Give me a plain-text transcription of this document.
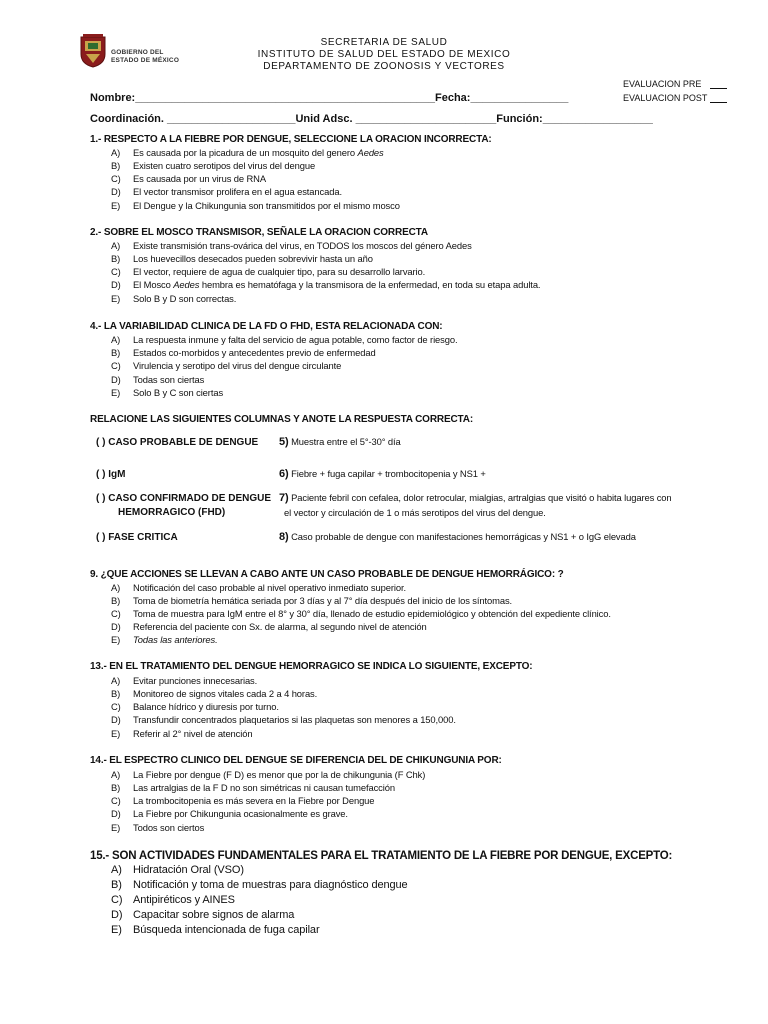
GOBIERNO DEL
ESTADO DE MÉXICO
SECRETARIA DE SALUD
INSTITUTO DE SALUD DEL ESTADO DE MEXICO
DEPARTAMENTO DE ZOONOSIS Y VECTORES
EVALUACION PRE
EVALUACION POST
Nombre:_________________________________________________Fecha:________________
Coordinación. _____________________Unid Adsc. _______________________Función:__________________
1.- RESPECTO A LA FIEBRE POR DENGUE, SELECCIONE LA ORACION INCORRECTA:
A) Es causada por la picadura de un mosquito del genero Aedes
B) Existen cuatro serotipos del virus del dengue
C) Es causada por un virus de RNA
D) El vector transmisor prolifera en el agua estancada.
E) El Dengue y la Chikungunia son transmitidos por el mismo mosco
2.- SOBRE EL MOSCO TRANSMISOR, SEÑALE LA ORACION CORRECTA
A) Existe transmisión trans-ovárica del virus, en TODOS los moscos del género Aedes
B) Los huevecillos desecados pueden sobrevivir hasta un año
C) El vector, requiere de agua de cualquier tipo, para su desarrollo larvario.
D) El Mosco Aedes hembra es hematófaga y la transmisora de la enfermedad, en toda su etapa adulta.
E) Solo B y D son correctas.
4.- LA VARIABILIDAD CLINICA DE LA FD O FHD, ESTA RELACIONADA CON:
A) La respuesta inmune y falta del servicio de agua potable, como factor de riesgo.
B) Estados co-morbidos y antecedentes previo de enfermedad
C) Virulencia y serotipo del virus del dengue circulante
D) Todas son ciertas
E) Solo B y C son ciertas
RELACIONE LAS SIGUIENTES COLUMNAS Y ANOTE LA RESPUESTA CORRECTA:
( ) CASO PROBABLE DE DENGUE 5) Muestra entre el 5°-30° día
( ) IgM	6) Fiebre + fuga capilar + trombocitopenia y NS1 +
( ) CASO CONFIRMADO DE DENGUE
HEMORRAGICO (FHD)
7) Paciente febril con cefalea, dolor retrocular, mialgias, artralgias que visitó o habita lugares con
el vector y circulación de 1 o más serotipos del virus del dengue.
( ) FASE CRITICA	8) Caso probable de dengue con manifestaciones hemorrágicas y NS1 + o IgG elevada
9. ¿QUE ACCIONES SE LLEVAN A CABO ANTE UN CASO PROBABLE DE DENGUE HEMORRÁGICO: ?
A) Notificación del caso probable al nivel operativo inmediato superior.
B) Toma de biometría hemática seriada por 3 días y al 7° día después del inicio de los síntomas.
C) Toma de muestra para IgM entre el 8° y 30° día, llenado de estudio epidemiológico y obtención del expediente clínico.
D) Referencia del paciente con Sx. de alarma, al segundo nivel de atención
E) Todas las anteriores.
13.- EN EL TRATAMIENTO DEL DENGUE HEMORRAGICO SE INDICA LO SIGUIENTE, EXCEPTO:
A) Evitar punciones innecesarias.
B) Monitoreo de signos vitales cada 2 a 4 horas.
C) Balance hídrico y diuresis por turno.
D) Transfundir concentrados plaquetarios si las plaquetas son menores a 150,000.
E) Referir al 2° nivel de atención
14.- EL ESPECTRO CLINICO DEL DENGUE SE DIFERENCIA DEL DE CHIKUNGUNIA POR:
A) La Fiebre por dengue (F D) es menor que por la de chikungunia (F Chk)
B) Las artralgias de la F D no son simétricas ni causan tumefacción
C) La trombocitopenia es más severa en la Fiebre por Dengue
D) La Fiebre por Chikungunia ocasionalmente es grave.
E) Todos son ciertos
15.- SON ACTIVIDADES FUNDAMENTALES PARA EL TRATAMIENTO DE LA FIEBRE POR DENGUE, EXCEPTO:
A) Hidratación Oral (VSO)
B) Notificación y toma de muestras para diagnóstico dengue
C) Antipiréticos y AINES
D) Capacitar sobre signos de alarma
E) Búsqueda intencionada de fuga capilar
